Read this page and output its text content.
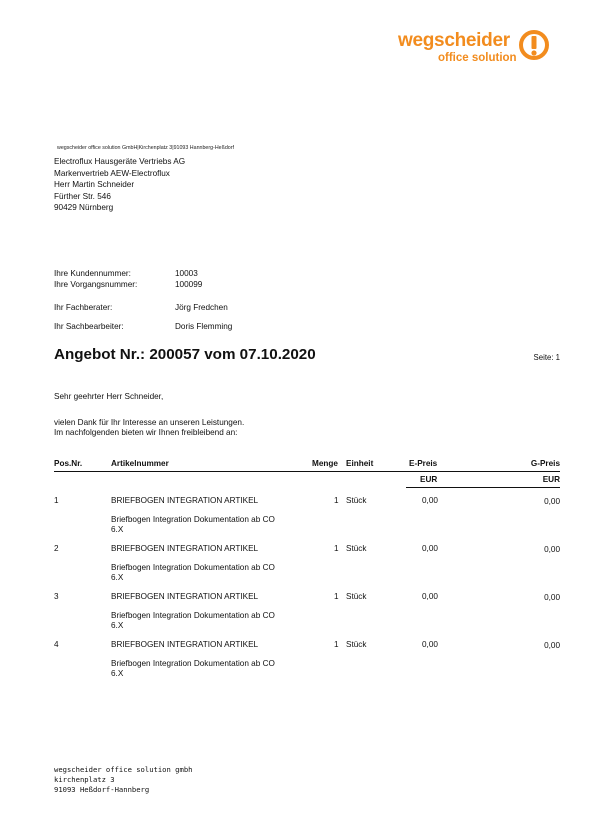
wegscheider
office solution
wegscheider office solution GmbH|Kirchenplatz 3|91093 Hannberg-Heßdorf
Electroflux Hausgeräte Vertriebs AG
Markenvertrieb AEW-Electroflux
Herr Martin Schneider
Fürther Str. 546
90429 Nürnberg
Ihre Kundennummer:	10003
Ihre Vorgangsnummer:	100099
Ihr Fachberater:	Jörg Fredchen
Ihr Sachbearbeiter:	Doris Flemming
Angebot Nr.: 200057 vom 07.10.2020	Seite: 1
Sehr geehrter Herr Schneider,
vielen Dank für Ihr Interesse an unseren Leistungen.
Im nachfolgenden bieten wir Ihnen freibleibend an:
Pos.Nr.	Artikelnummer	Menge Einheit	E-Preis	G-Preis
EUR	EUR
1	BRIEFBOGEN INTEGRATION ARTIKEL	1 Stück	0,00	0,00
Briefbogen Integration Dokumentation ab CO 6.X
2	BRIEFBOGEN INTEGRATION ARTIKEL	1 Stück	0,00	0,00
Briefbogen Integration Dokumentation ab CO 6.X
3	BRIEFBOGEN INTEGRATION ARTIKEL	1 Stück	0,00	0,00
Briefbogen Integration Dokumentation ab CO 6.X
4	BRIEFBOGEN INTEGRATION ARTIKEL	1 Stück	0,00	0,00
Briefbogen Integration Dokumentation ab CO 6.X
wegscheider office solution gmbh
kirchenplatz 3
91093 Heßdorf-Hannberg
